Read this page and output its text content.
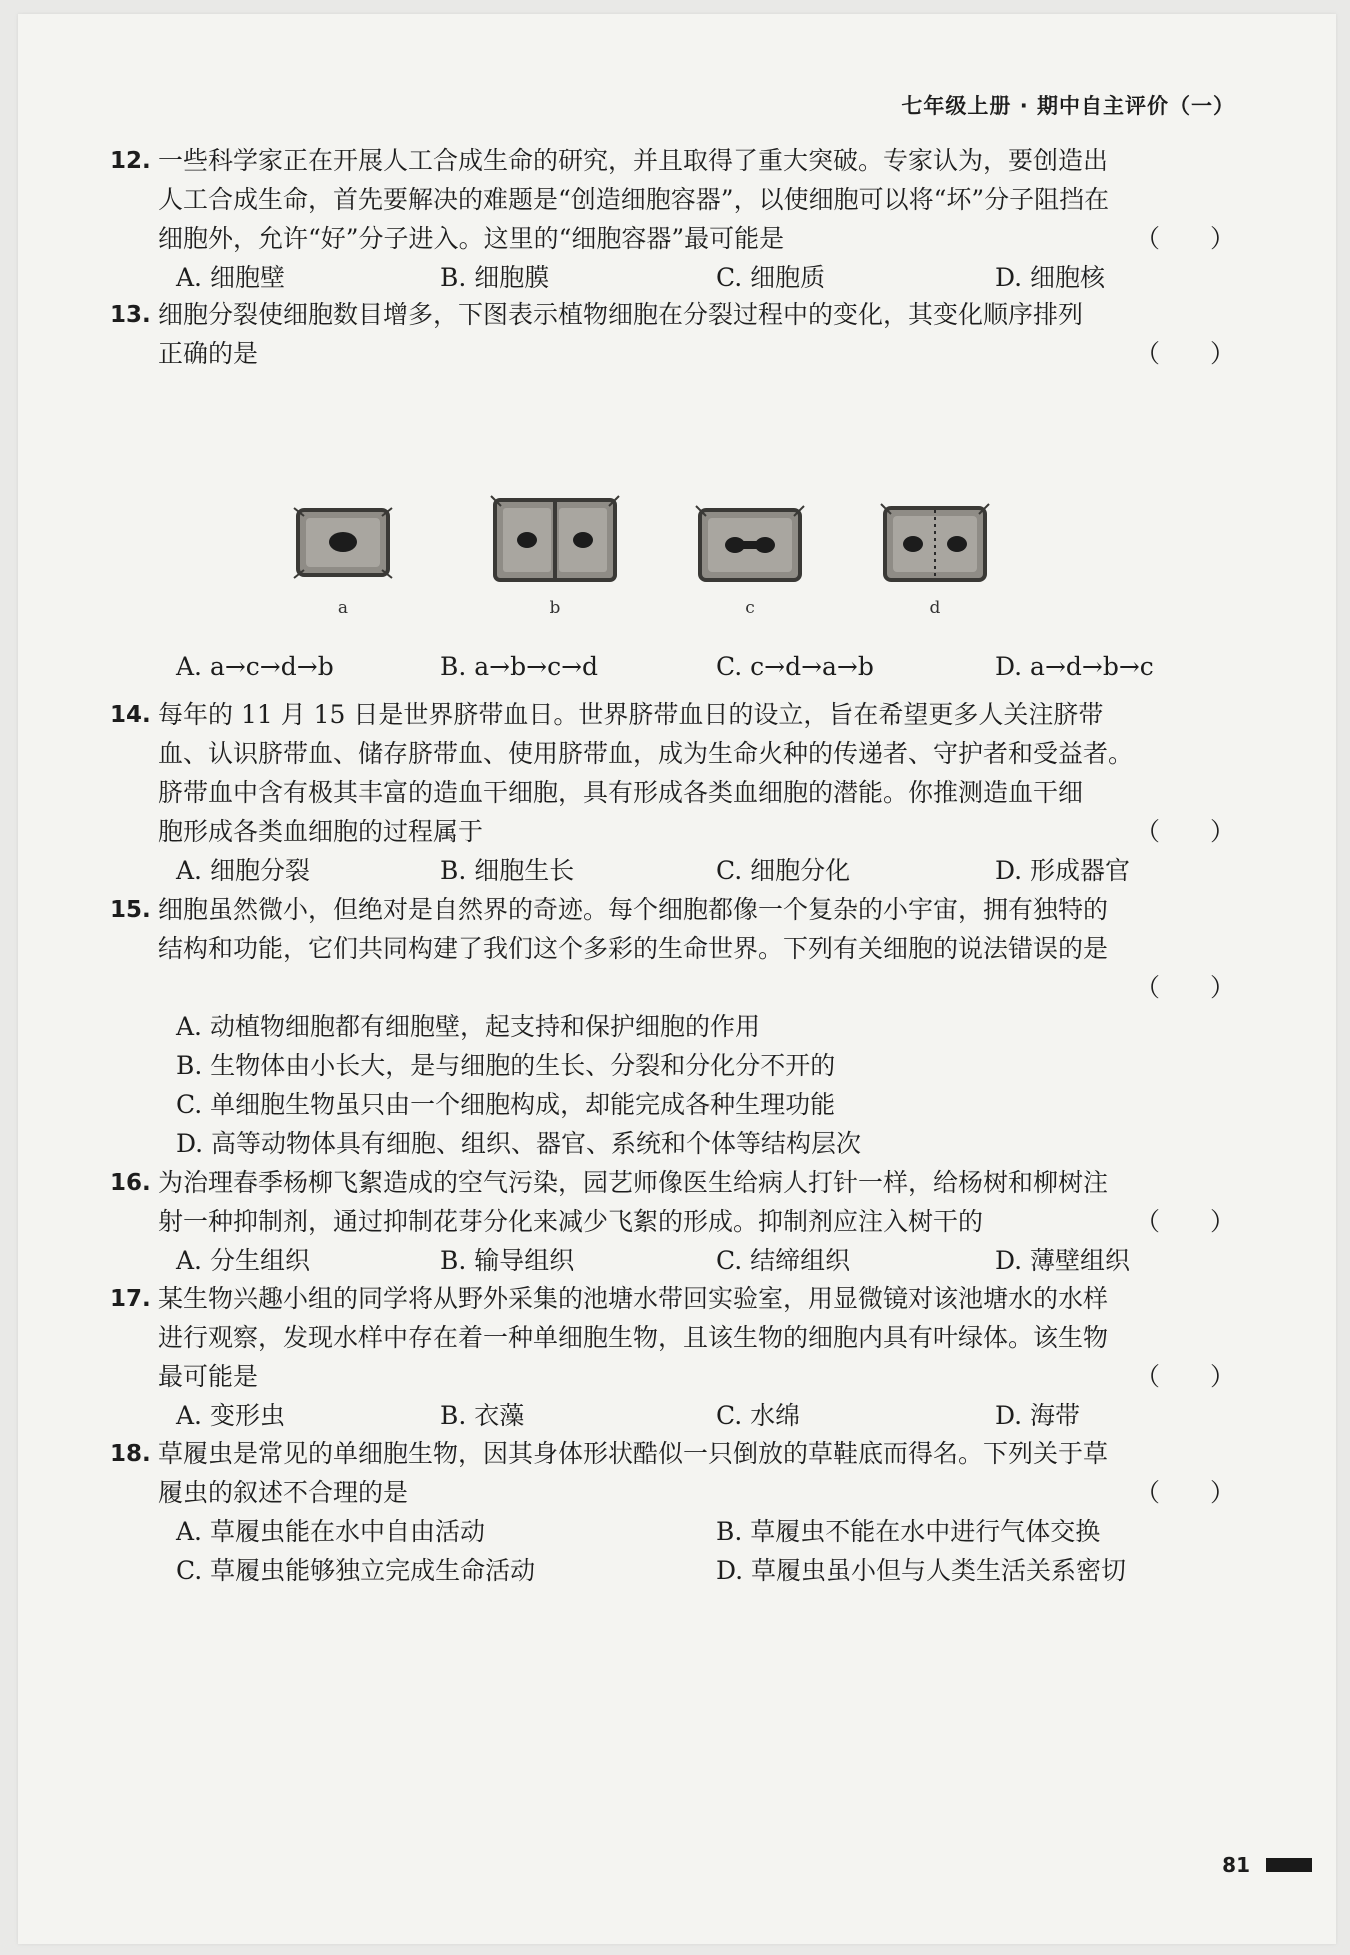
七年级上册 · 期中自主评价（一）
12. 一些科学家正在开展人工合成生命的研究，并且取得了重大突破。专家认为，要创造出
人工合成生命，首先要解决的难题是“创造细胞容器”，以使细胞可以将“坏”分子阻挡在
细胞外，允许“好”分子进入。这里的“细胞容器”最可能是	（　　）
A. 细胞壁	B. 细胞膜	C. 细胞质	D. 细胞核
13. 细胞分裂使细胞数目增多，下图表示植物细胞在分裂过程中的变化，其变化顺序排列
正确的是	（　　）
a	b	c	d
A. a→c→d→b	B. a→b→c→d	C. c→d→a→b	D. a→d→b→c
14. 每年的 11 月 15 日是世界脐带血日。世界脐带血日的设立，旨在希望更多人关注脐带
血、认识脐带血、储存脐带血、使用脐带血，成为生命火种的传递者、守护者和受益者。
脐带血中含有极其丰富的造血干细胞，具有形成各类血细胞的潜能。你推测造血干细
胞形成各类血细胞的过程属于	（　　）
A. 细胞分裂	B. 细胞生长	C. 细胞分化	D. 形成器官
15. 细胞虽然微小，但绝对是自然界的奇迹。每个细胞都像一个复杂的小宇宙，拥有独特的
结构和功能，它们共同构建了我们这个多彩的生命世界。下列有关细胞的说法错误的是
（　　）
A. 动植物细胞都有细胞壁，起支持和保护细胞的作用
B. 生物体由小长大，是与细胞的生长、分裂和分化分不开的
C. 单细胞生物虽只由一个细胞构成，却能完成各种生理功能
D. 高等动物体具有细胞、组织、器官、系统和个体等结构层次
16. 为治理春季杨柳飞絮造成的空气污染，园艺师像医生给病人打针一样，给杨树和柳树注
射一种抑制剂，通过抑制花芽分化来减少飞絮的形成。抑制剂应注入树干的	（　　）
A. 分生组织	B. 输导组织	C. 结缔组织	D. 薄壁组织
17. 某生物兴趣小组的同学将从野外采集的池塘水带回实验室，用显微镜对该池塘水的水样
进行观察，发现水样中存在着一种单细胞生物，且该生物的细胞内具有叶绿体。该生物
最可能是	（　　）
A. 变形虫	B. 衣藻	C. 水绵	D. 海带
18. 草履虫是常见的单细胞生物，因其身体形状酷似一只倒放的草鞋底而得名。下列关于草
履虫的叙述不合理的是	（　　）
A. 草履虫能在水中自由活动	B. 草履虫不能在水中进行气体交换
C. 草履虫能够独立完成生命活动	D. 草履虫虽小但与人类生活关系密切
81
